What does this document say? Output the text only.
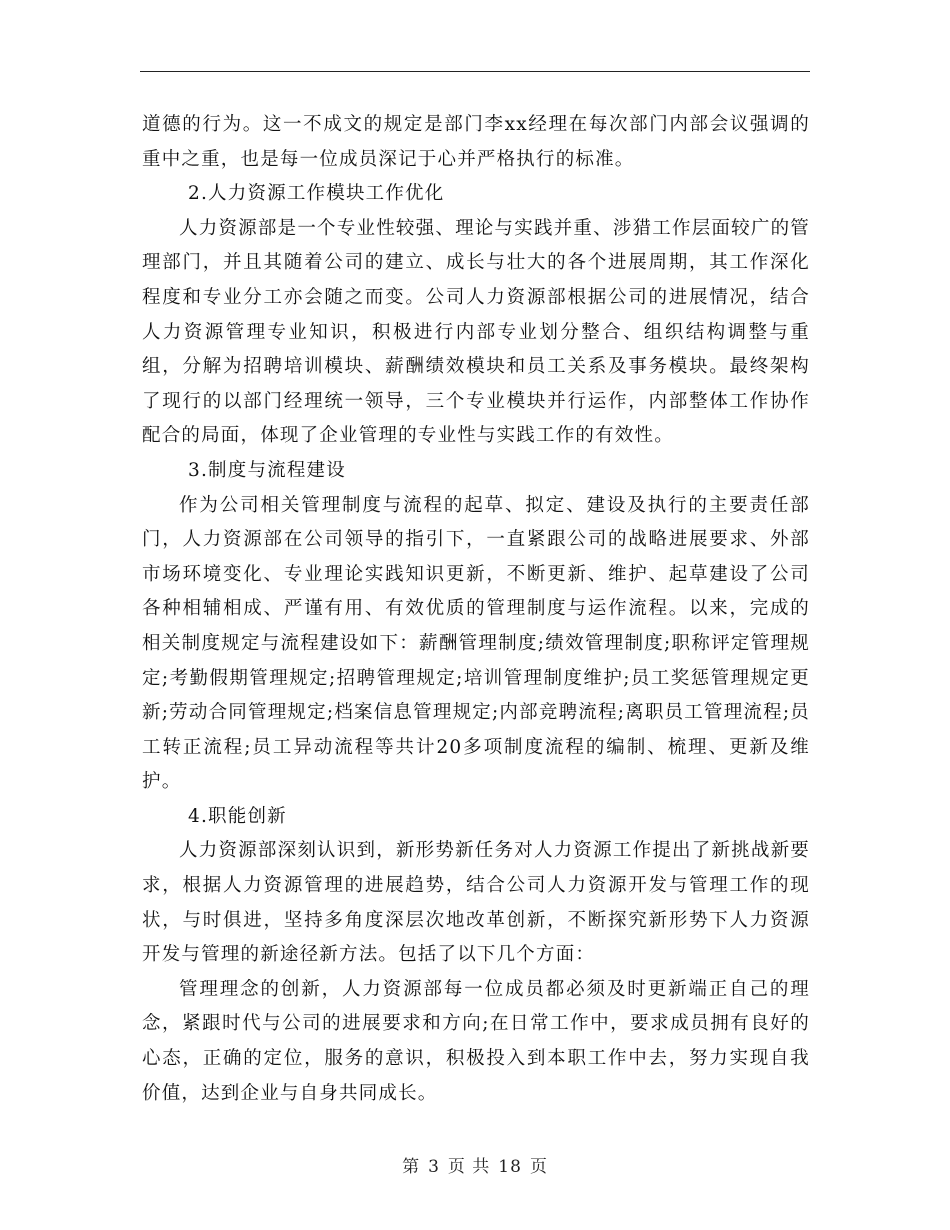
道德的行为。这一不成文的规定是部门李xx经理在每次部门内部会议强调的重中之重，也是每一位成员深记于心并严格执行的标准。

2.人力资源工作模块工作优化

人力资源部是一个专业性较强、理论与实践并重、涉猎工作层面较广的管理部门，并且其随着公司的建立、成长与壮大的各个进展周期，其工作深化程度和专业分工亦会随之而变。公司人力资源部根据公司的进展情况，结合人力资源管理专业知识，积极进行内部专业划分整合、组织结构调整与重组，分解为招聘培训模块、薪酬绩效模块和员工关系及事务模块。最终架构了现行的以部门经理统一领导，三个专业模块并行运作，内部整体工作协作配合的局面，体现了企业管理的专业性与实践工作的有效性。

3.制度与流程建设

作为公司相关管理制度与流程的起草、拟定、建设及执行的主要责任部门，人力资源部在公司领导的指引下，一直紧跟公司的战略进展要求、外部市场环境变化、专业理论实践知识更新，不断更新、维护、起草建设了公司各种相辅相成、严谨有用、有效优质的管理制度与运作流程。以来，完成的相关制度规定与流程建设如下：薪酬管理制度;绩效管理制度;职称评定管理规定;考勤假期管理规定;招聘管理规定;培训管理制度维护;员工奖惩管理规定更新;劳动合同管理规定;档案信息管理规定;内部竞聘流程;离职员工管理流程;员工转正流程;员工异动流程等共计20多项制度流程的编制、梳理、更新及维护。

4.职能创新

人力资源部深刻认识到，新形势新任务对人力资源工作提出了新挑战新要求，根据人力资源管理的进展趋势，结合公司人力资源开发与管理工作的现状，与时俱进，坚持多角度深层次地改革创新，不断探究新形势下人力资源开发与管理的新途径新方法。包括了以下几个方面：

管理理念的创新，人力资源部每一位成员都必须及时更新端正自己的理念，紧跟时代与公司的进展要求和方向;在日常工作中，要求成员拥有良好的心态，正确的定位，服务的意识，积极投入到本职工作中去，努力实现自我价值，达到企业与自身共同成长。

第 3 页 共 18 页
